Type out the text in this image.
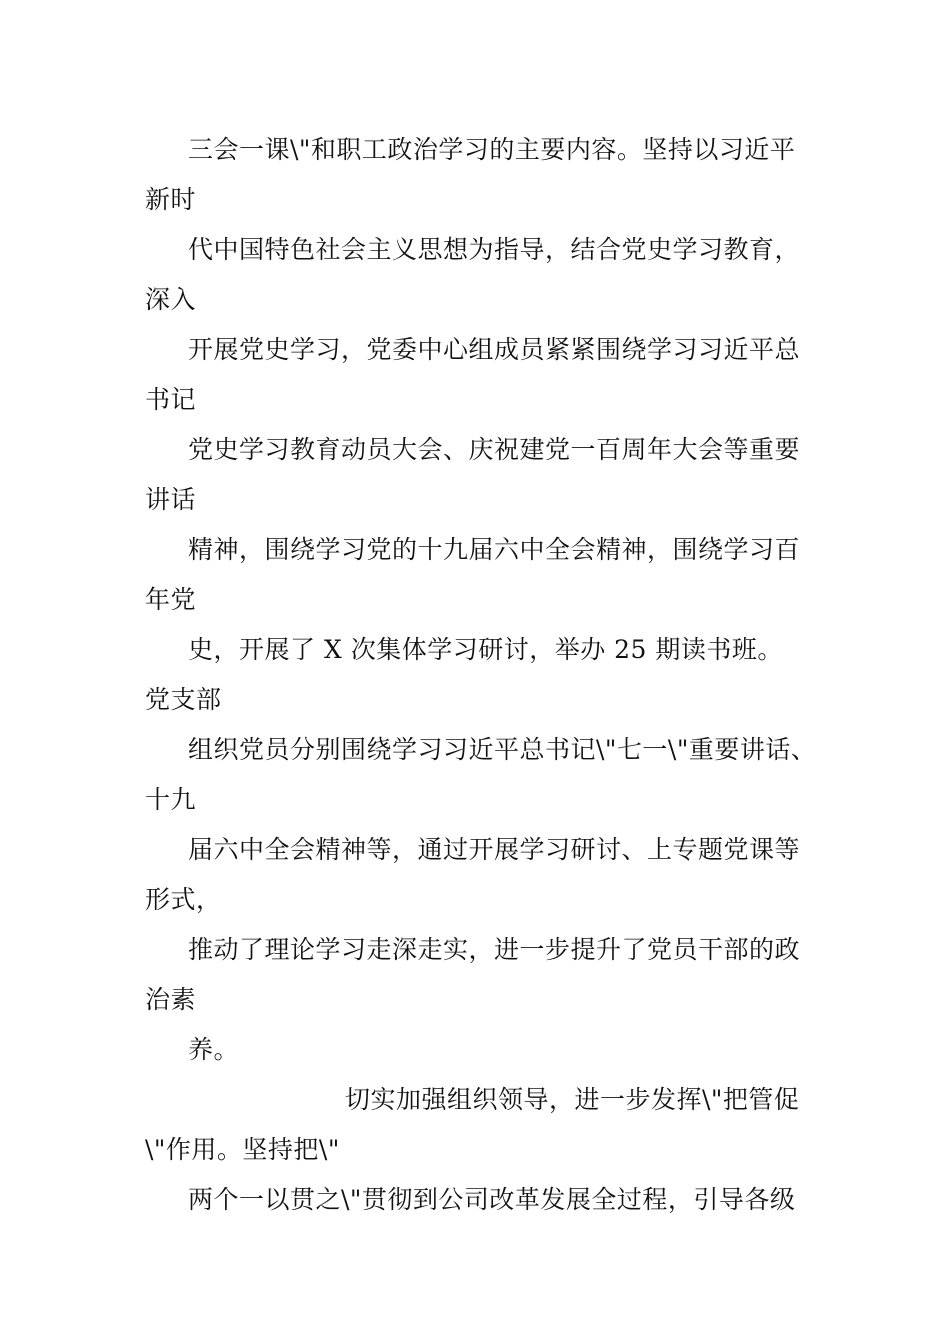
三会一课\"和职工政治学习的主要内容。坚持以习近平
新时
代中国特色社会主义思想为指导，结合党史学习教育，
深入
开展党史学习，党委中心组成员紧紧围绕学习习近平总
书记
党史学习教育动员大会、庆祝建党一百周年大会等重要
讲话
精神，围绕学习党的十九届六中全会精神，围绕学习百
年党
史，开展了 X 次集体学习研讨，举办 25 期读书班。
党支部
组织党员分别围绕学习习近平总书记\"七一\"重要讲话、
十九
届六中全会精神等，通过开展学习研讨、上专题党课等
形式，
推动了理论学习走深走实，进一步提升了党员干部的政
治素
养。
切实加强组织领导，进一步发挥\"把管促
\"作用。坚持把\"
两个一以贯之\"贯彻到公司改革发展全过程，引导各级
